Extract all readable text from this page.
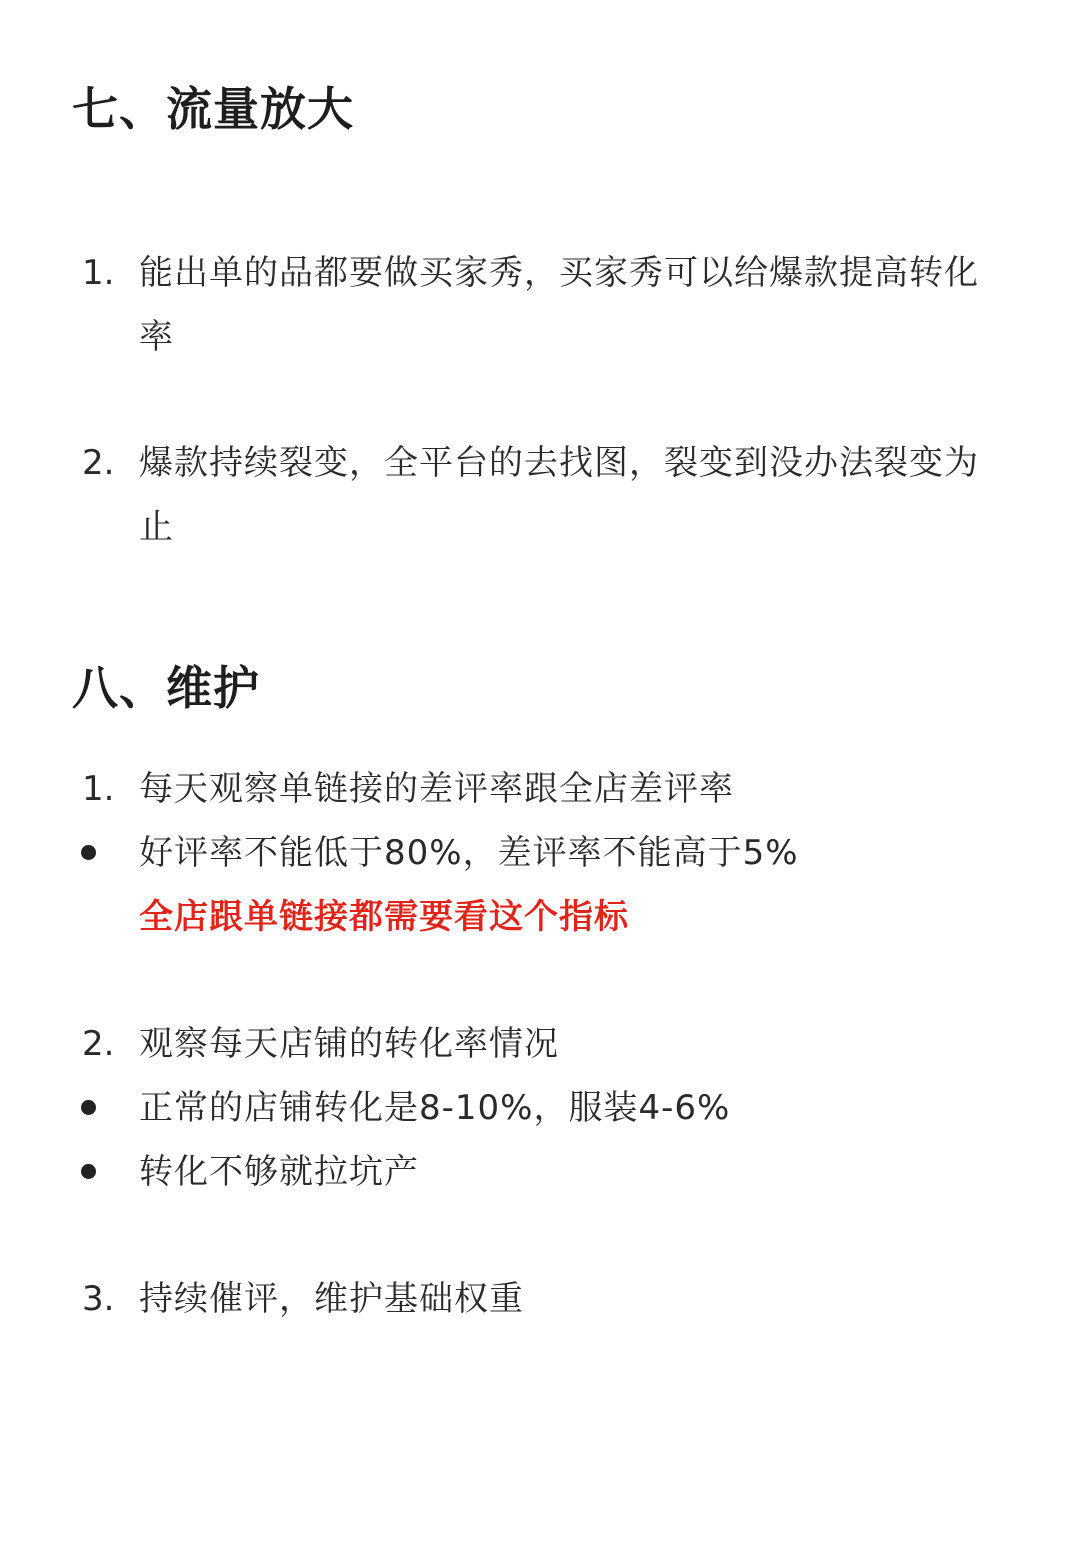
七、流量放大
1. 能出单的品都要做买家秀，买家秀可以给爆款提高转化率
2. 爆款持续裂变，全平台的去找图，裂变到没办法裂变为止
八、维护
1. 每天观察单链接的差评率跟全店差评率
好评率不能低于80%，差评率不能高于5%
全店跟单链接都需要看这个指标
2. 观察每天店铺的转化率情况
正常的店铺转化是8-10%，服装4-6%
转化不够就拉坑产
3. 持续催评，维护基础权重
